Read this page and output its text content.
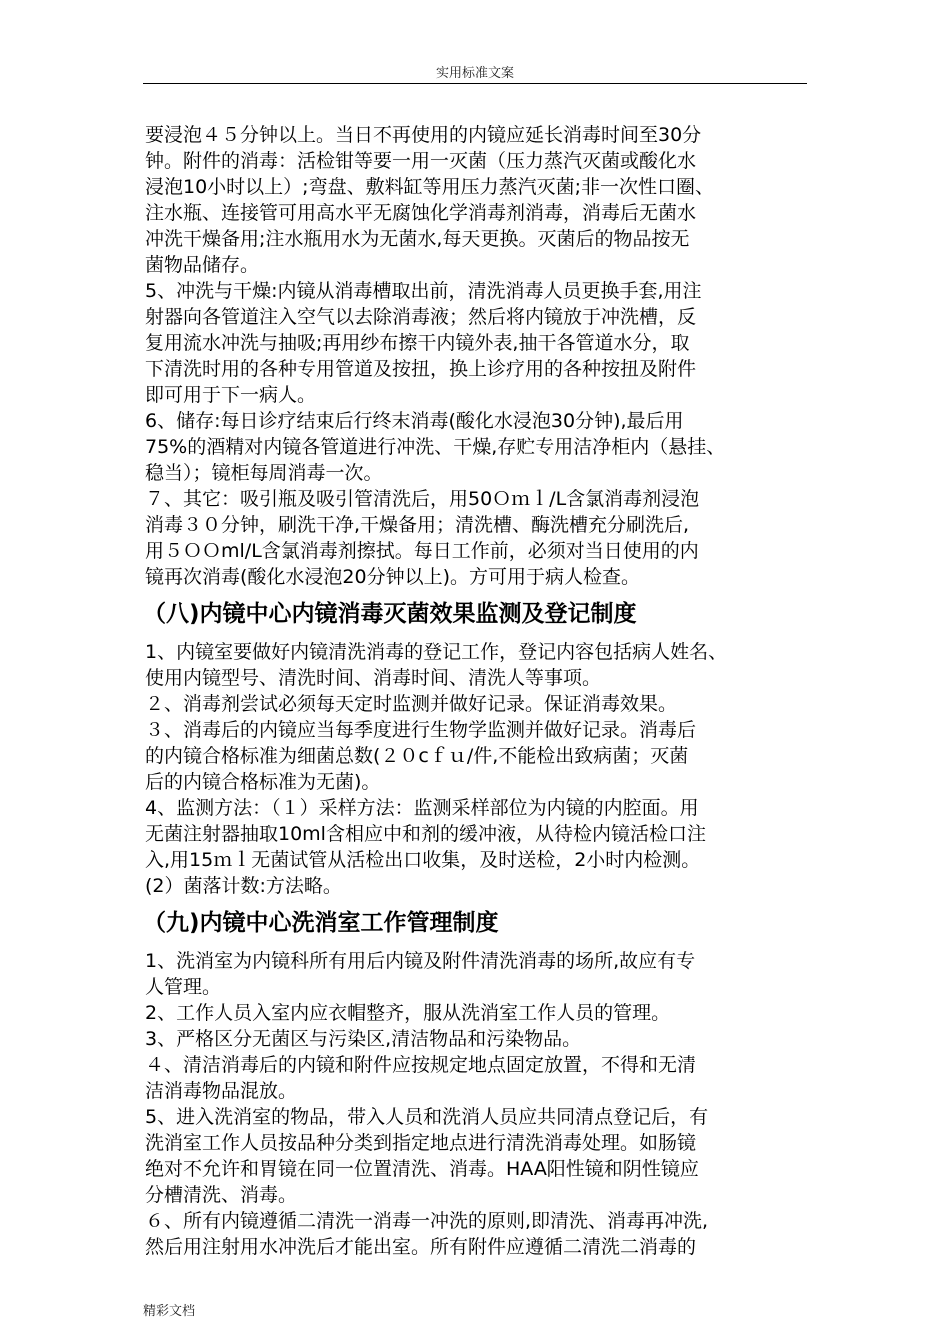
实用标准文案
要浸泡４５分钟以上。当日不再使用的内镜应延长消毒时间至30分
钟。附件的消毒：活检钳等要一用一灭菌（压力蒸汽灭菌或酸化水
浸泡10小时以上）;弯盘、敷料缸等用压力蒸汽灭菌;非一次性口圈、
注水瓶、连接管可用高水平无腐蚀化学消毒剂消毒，消毒后无菌水
冲洗干燥备用;注水瓶用水为无菌水,每天更换。灭菌后的物品按无
菌物品储存。
5、冲洗与干燥:内镜从消毒槽取出前，清洗消毒人员更换手套,用注
射器向各管道注入空气以去除消毒液；然后将内镜放于冲洗槽，反
复用流水冲洗与抽吸;再用纱布擦干内镜外表,抽干各管道水分，取
下清洗时用的各种专用管道及按扭，换上诊疗用的各种按扭及附件
即可用于下一病人。
6、储存:每日诊疗结束后行终末消毒(酸化水浸泡30分钟),最后用
75%的酒精对内镜各管道进行冲洗、干燥,存贮专用洁净柜内（悬挂、
稳当）；镜柜每周消毒一次。
７、其它：吸引瓶及吸引管清洗后，用50Ｏｍｌ/L含氯消毒剂浸泡
消毒３０分钟，刷洗干净,干燥备用；清洗槽、酶洗槽充分刷洗后,
用５ＯＯml/L含氯消毒剂擦拭。每日工作前，必须对当日使用的内
镜再次消毒(酸化水浸泡20分钟以上)。方可用于病人检查。
（八)内镜中心内镜消毒灭菌效果监测及登记制度
1、内镜室要做好内镜清洗消毒的登记工作，登记内容包括病人姓名、
使用内镜型号、清洗时间、消毒时间、清洗人等事项。
２、消毒剂尝试必须每天定时监测并做好记录。保证消毒效果。
３、消毒后的内镜应当每季度进行生物学监测并做好记录。消毒后
的内镜合格标准为细菌总数(２０cｆｕ/件,不能检出致病菌；灭菌
后的内镜合格标准为无菌)。
4、监测方法：（１）采样方法：监测采样部位为内镜的内腔面。用
无菌注射器抽取10ml含相应中和剂的缓冲液，从待检内镜活检口注
入,用15ｍｌ无菌试管从活检出口收集，及时送检，2小时内检测。
(2）菌落计数:方法略。
（九)内镜中心洗消室工作管理制度
1、洗消室为内镜科所有用后内镜及附件清洗消毒的场所,故应有专
人管理。
2、工作人员入室内应衣帽整齐，服从洗消室工作人员的管理。
3、严格区分无菌区与污染区,清洁物品和污染物品。
４、清洁消毒后的内镜和附件应按规定地点固定放置，不得和无清
洁消毒物品混放。
5、进入洗消室的物品，带入人员和洗消人员应共同清点登记后，有
洗消室工作人员按品种分类到指定地点进行清洗消毒处理。如肠镜
绝对不允许和胃镜在同一位置清洗、消毒。HAA阳性镜和阴性镜应
分槽清洗、消毒。
６、所有内镜遵循二清洗一消毒一冲洗的原则,即清洗、消毒再冲洗,
然后用注射用水冲洗后才能出室。所有附件应遵循二清洗二消毒的
精彩文档
